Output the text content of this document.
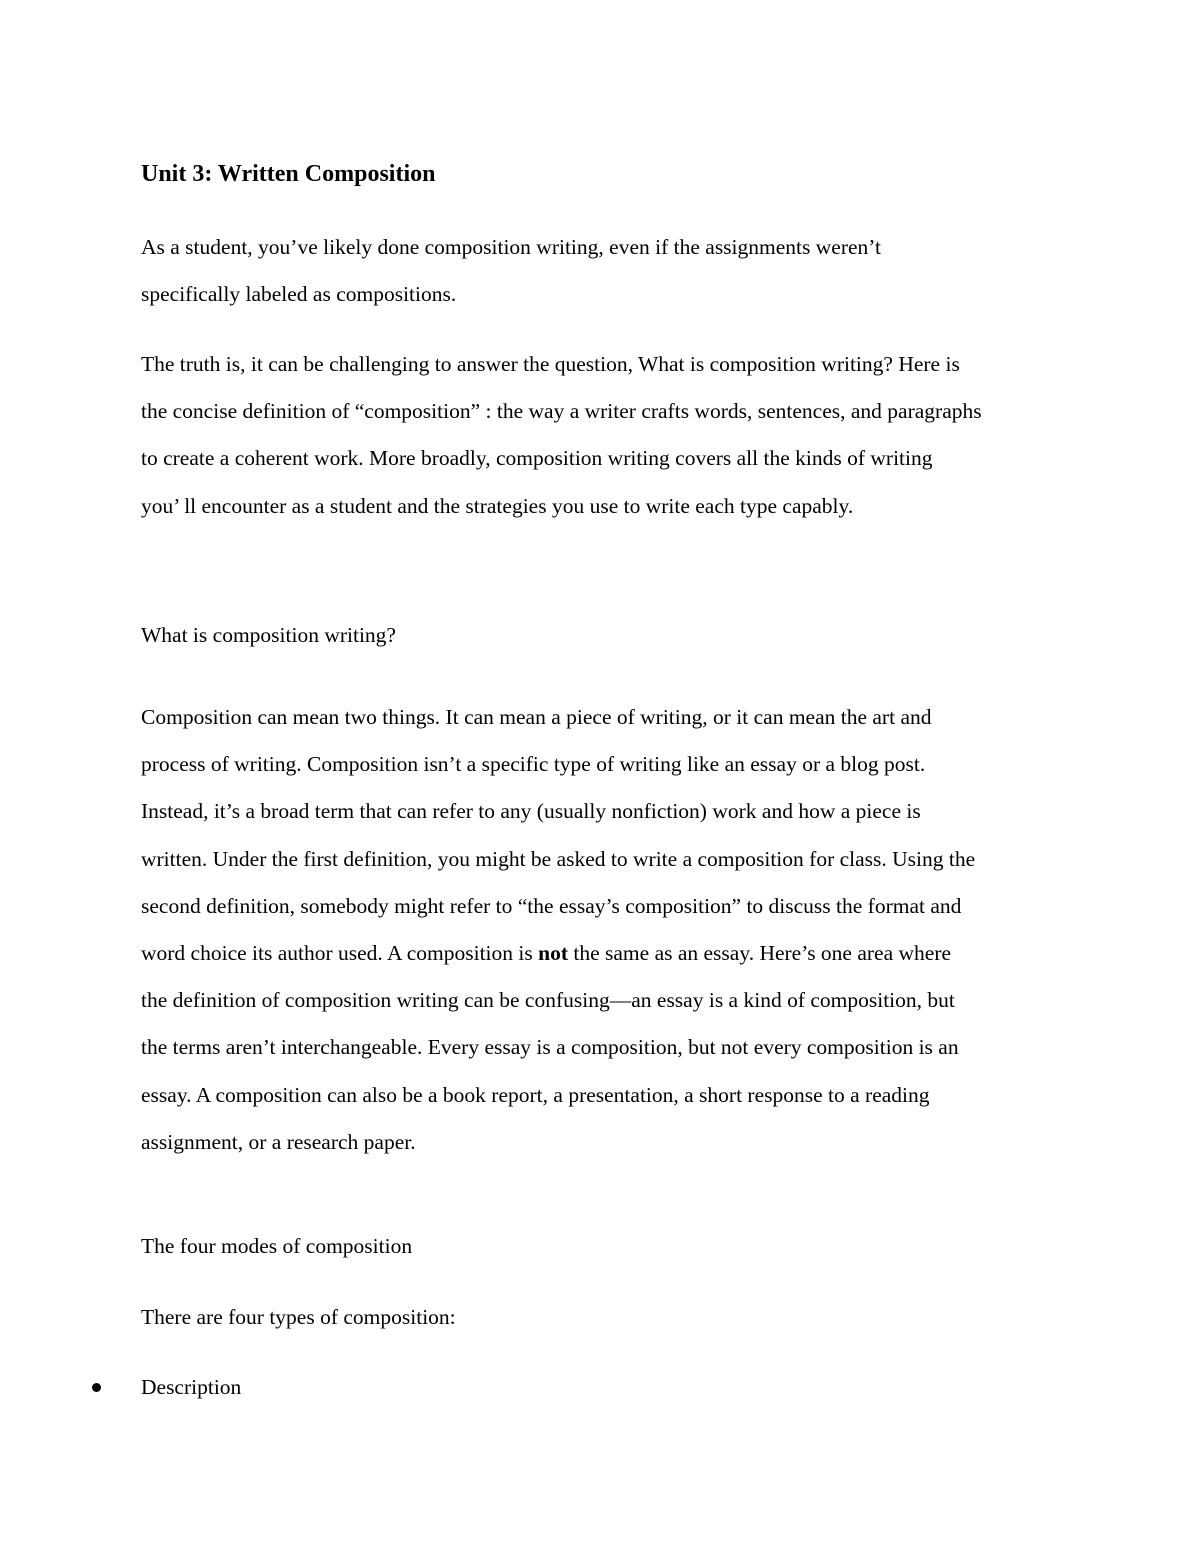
Unit 3: Written Composition

As a student, you’ve likely done composition writing, even if the assignments weren’t
specifically labeled as compositions.

The truth is, it can be challenging to answer the question, What is composition writing? Here is
the concise definition of “composition” : the way a writer crafts words, sentences, and paragraphs
to create a coherent work. More broadly, composition writing covers all the kinds of writing
you’ ll encounter as a student and the strategies you use to write each type capably.

What is composition writing?

Composition can mean two things. It can mean a piece of writing, or it can mean the art and
process of writing. Composition isn’t a specific type of writing like an essay or a blog post.
Instead, it’s a broad term that can refer to any (usually nonfiction) work and how a piece is
written. Under the first definition, you might be asked to write a composition for class. Using the
second definition, somebody might refer to “the essay’s composition” to discuss the format and
word choice its author used. A composition is not the same as an essay. Here’s one area where
the definition of composition writing can be confusing—an essay is a kind of composition, but
the terms aren’t interchangeable. Every essay is a composition, but not every composition is an
essay. A composition can also be a book report, a presentation, a short response to a reading
assignment, or a research paper.

The four modes of composition

There are four types of composition:

Description
